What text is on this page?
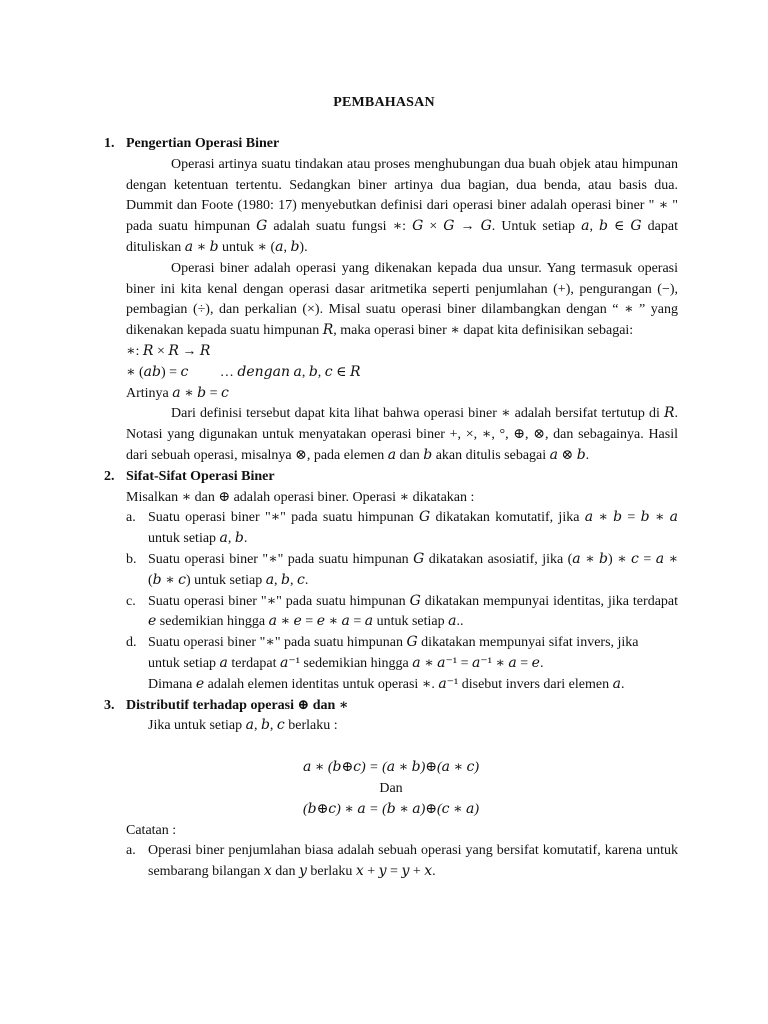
PEMBAHASAN
1. Pengertian Operasi Biner
Operasi artinya suatu tindakan atau proses menghubungan dua buah objek atau himpunan dengan ketentuan tertentu. Sedangkan biner artinya dua bagian, dua benda, atau basis dua. Dummit dan Foote (1980: 17) menyebutkan definisi dari operasi biner adalah operasi biner " ∗ " pada suatu himpunan 𝐺 adalah suatu fungsi ∗: 𝐺 × 𝐺 → 𝐺. Untuk setiap 𝑎, 𝑏 ∈ 𝐺 dapat dituliskan 𝑎 ∗ 𝑏 untuk ∗ (𝑎, 𝑏).
Operasi biner adalah operasi yang dikenakan kepada dua unsur. Yang termasuk operasi biner ini kita kenal dengan operasi dasar aritmetika seperti penjumlahan (+), pengurangan (−), pembagian (÷), dan perkalian (×). Misal suatu operasi biner dilambangkan dengan “ ∗ ” yang dikenakan kepada suatu himpunan 𝑅, maka operasi biner ∗ dapat kita definisikan sebagai:
∗: 𝑅 × 𝑅 → 𝑅
∗ (𝑎𝑏) = 𝑐         … 𝑑𝑒𝑛𝑔𝑎𝑛 𝑎, 𝑏, 𝑐 ∈ 𝑅
Artinya 𝑎 ∗ 𝑏 = 𝑐
Dari definisi tersebut dapat kita lihat bahwa operasi biner ∗ adalah bersifat tertutup di 𝑅. Notasi yang digunakan untuk menyatakan operasi biner +, ×, ∗, °, ⊕, ⊗, dan sebagainya. Hasil dari sebuah operasi, misalnya ⊗, pada elemen 𝑎 dan 𝑏 akan ditulis sebagai 𝑎 ⊗ 𝑏.
2. Sifat-Sifat Operasi Biner
Misalkan ∗ dan ⊕ adalah operasi biner. Operasi ∗ dikatakan :
a. Suatu operasi biner "∗" pada suatu himpunan 𝐺 dikatakan komutatif, jika 𝑎 ∗ 𝑏 = 𝑏 ∗ 𝑎 untuk setiap 𝑎, 𝑏.
b. Suatu operasi biner "∗" pada suatu himpunan 𝐺 dikatakan asosiatif, jika (𝑎 ∗ 𝑏) ∗ 𝑐 = 𝑎 ∗ (𝑏 ∗ 𝑐) untuk setiap 𝑎, 𝑏, 𝑐.
c. Suatu operasi biner "∗" pada suatu himpunan 𝐺 dikatakan mempunyai identitas, jika terdapat 𝑒 sedemikian hingga 𝑎 ∗ 𝑒 = 𝑒 ∗ 𝑎 = 𝑎 untuk setiap 𝑎..
d. Suatu operasi biner "∗" pada suatu himpunan 𝐺 dikatakan mempunyai sifat invers, jika
untuk setiap 𝑎 terdapat 𝑎⁻¹ sedemikian hingga 𝑎 ∗ 𝑎⁻¹ = 𝑎⁻¹ ∗ 𝑎 = 𝑒.
Dimana 𝑒 adalah elemen identitas untuk operasi ∗. 𝑎⁻¹ disebut invers dari elemen 𝑎.
3. Distributif terhadap operasi ⊕ dan ∗
Jika untuk setiap 𝑎, 𝑏, 𝑐 berlaku :
𝑎 ∗ (𝑏⊕𝑐) = (𝑎 ∗ 𝑏)⊕(𝑎 ∗ 𝑐)
Dan
(𝑏⊕𝑐) ∗ 𝑎 = (𝑏 ∗ 𝑎)⊕(𝑐 ∗ 𝑎)
Catatan :
a. Operasi biner penjumlahan biasa adalah sebuah operasi yang bersifat komutatif, karena untuk sembarang bilangan 𝑥 dan 𝑦 berlaku 𝑥 + 𝑦 = 𝑦 + 𝑥.
